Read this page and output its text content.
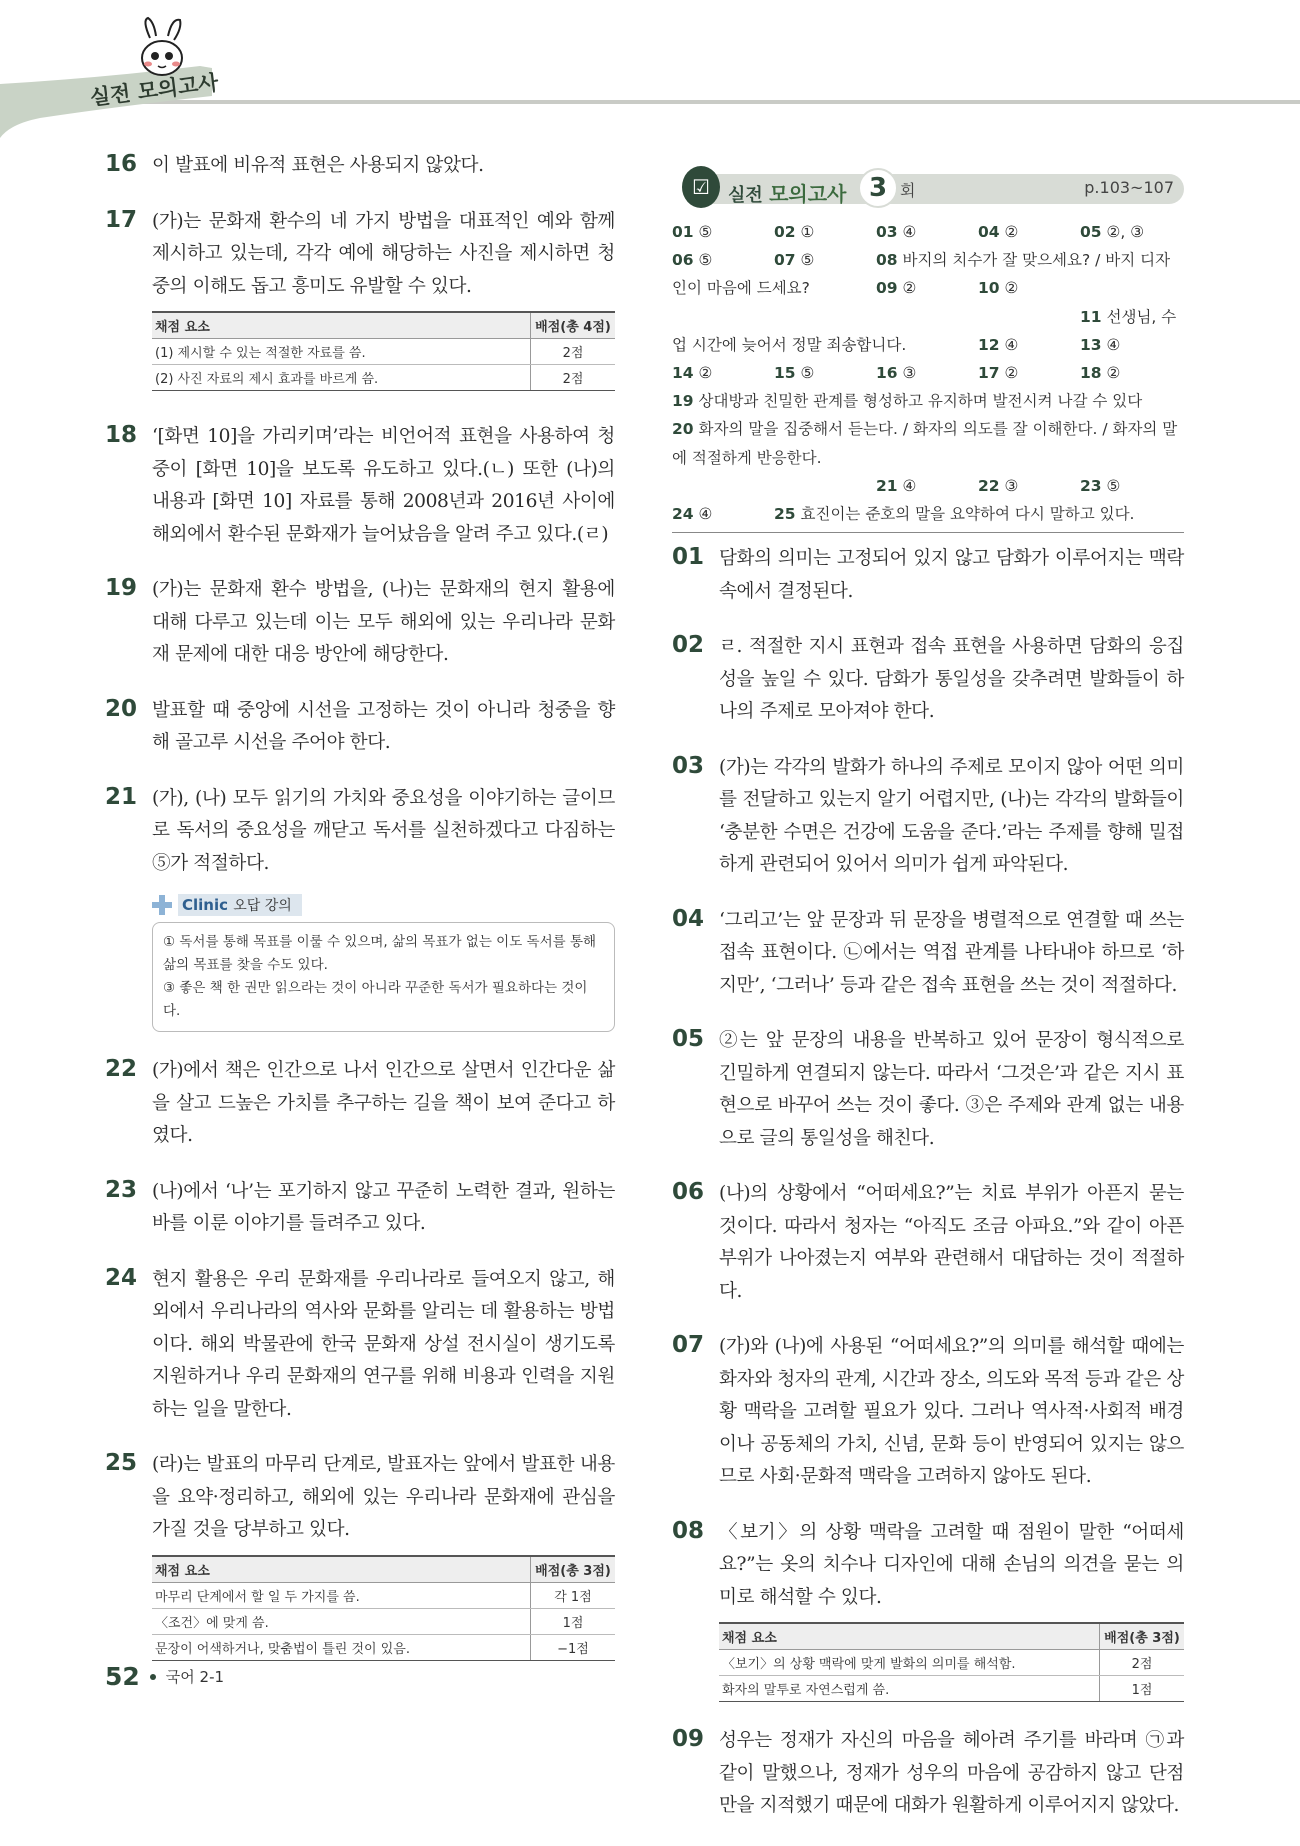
실전 모의고사
16 이 발표에 비유적 표현은 사용되지 않았다.
17 (가)는 문화재 환수의 네 가지 방법을 대표적인 예와 함께 제시하고 있는데, 각각 예에 해당하는 사진을 제시하면 청중의 이해도 돕고 흥미도 유발할 수 있다.
채점 요소	배점(총 4점)
(1) 제시할 수 있는 적절한 자료를 씀.	2점
(2) 사진 자료의 제시 효과를 바르게 씀.	2점
18 ‘[화면 10]을 가리키며’라는 비언어적 표현을 사용하여 청중이 [화면 10]을 보도록 유도하고 있다.(ㄴ) 또한 (나)의 내용과 [화면 10] 자료를 통해 2008년과 2016년 사이에 해외에서 환수된 문화재가 늘어났음을 알려 주고 있다.(ㄹ)
19 (가)는 문화재 환수 방법을, (나)는 문화재의 현지 활용에 대해 다루고 있는데 이는 모두 해외에 있는 우리나라 문화재 문제에 대한 대응 방안에 해당한다.
20 발표할 때 중앙에 시선을 고정하는 것이 아니라 청중을 향해 골고루 시선을 주어야 한다.
21 (가), (나) 모두 읽기의 가치와 중요성을 이야기하는 글이므로 독서의 중요성을 깨닫고 독서를 실천하겠다고 다짐하는 ⑤가 적절하다.
Clinic 오답 강의
① 독서를 통해 목표를 이룰 수 있으며, 삶의 목표가 없는 이도 독서를 통해 삶의 목표를 찾을 수도 있다.
③ 좋은 책 한 권만 읽으라는 것이 아니라 꾸준한 독서가 필요하다는 것이다.
22 (가)에서 책은 인간으로 나서 인간으로 살면서 인간다운 삶을 살고 드높은 가치를 추구하는 길을 책이 보여 준다고 하였다.
23 (나)에서 ‘나’는 포기하지 않고 꾸준히 노력한 결과, 원하는 바를 이룬 이야기를 들려주고 있다.
24 현지 활용은 우리 문화재를 우리나라로 들여오지 않고, 해외에서 우리나라의 역사와 문화를 알리는 데 활용하는 방법이다. 해외 박물관에 한국 문화재 상설 전시실이 생기도록 지원하거나 우리 문화재의 연구를 위해 비용과 인력을 지원하는 일을 말한다.
25 (라)는 발표의 마무리 단계로, 발표자는 앞에서 발표한 내용을 요약·정리하고, 해외에 있는 우리나라 문화재에 관심을 가질 것을 당부하고 있다.
채점 요소	배점(총 3점)
마무리 단계에서 할 일 두 가지를 씀.	각 1점
〈조건〉에 맞게 씀.	1점
문장이 어색하거나, 맞춤법이 틀린 것이 있음.	−1점
☑	실전 모의고사 3 회	p.103~107
01 ⑤	02 ①	03 ④	04 ②	05 ②, ③
06 ⑤	07 ⑤	08 바지의 치수가 잘 맞으세요? / 바지 디자인이 마음에 드세요?	09 ②	10 ②
11 선생님, 수업 시간에 늦어서 정말 죄송합니다.	12 ④	13 ④
14 ②	15 ⑤	16 ③	17 ②	18 ②
19 상대방과 친밀한 관계를 형성하고 유지하며 발전시켜 나갈 수 있다
20 화자의 말을 집중해서 듣는다. / 화자의 의도를 잘 이해한다. / 화자의 말에 적절하게 반응한다.
21 ④	22 ③	23 ⑤
24 ④	25 효진이는 준호의 말을 요약하여 다시 말하고 있다.
01 담화의 의미는 고정되어 있지 않고 담화가 이루어지는 맥락 속에서 결정된다.
02 ㄹ. 적절한 지시 표현과 접속 표현을 사용하면 담화의 응집성을 높일 수 있다. 담화가 통일성을 갖추려면 발화들이 하나의 주제로 모아져야 한다.
03 (가)는 각각의 발화가 하나의 주제로 모이지 않아 어떤 의미를 전달하고 있는지 알기 어렵지만, (나)는 각각의 발화들이 ‘충분한 수면은 건강에 도움을 준다.’라는 주제를 향해 밀접하게 관련되어 있어서 의미가 쉽게 파악된다.
04 ‘그리고’는 앞 문장과 뒤 문장을 병렬적으로 연결할 때 쓰는 접속 표현이다. ㉡에서는 역접 관계를 나타내야 하므로 ‘하지만’, ‘그러나’ 등과 같은 접속 표현을 쓰는 것이 적절하다.
05 ②는 앞 문장의 내용을 반복하고 있어 문장이 형식적으로 긴밀하게 연결되지 않는다. 따라서 ‘그것은’과 같은 지시 표현으로 바꾸어 쓰는 것이 좋다. ③은 주제와 관계 없는 내용으로 글의 통일성을 해친다.
06 (나)의 상황에서 “어떠세요?”는 치료 부위가 아픈지 묻는 것이다. 따라서 청자는 “아직도 조금 아파요.”와 같이 아픈 부위가 나아졌는지 여부와 관련해서 대답하는 것이 적절하다.
07 (가)와 (나)에 사용된 “어떠세요?”의 의미를 해석할 때에는 화자와 청자의 관계, 시간과 장소, 의도와 목적 등과 같은 상황 맥락을 고려할 필요가 있다. 그러나 역사적·사회적 배경이나 공동체의 가치, 신념, 문화 등이 반영되어 있지는 않으므로 사회·문화적 맥락을 고려하지 않아도 된다.
08 〈보기〉의 상황 맥락을 고려할 때 점원이 말한 “어떠세요?”는 옷의 치수나 디자인에 대해 손님의 의견을 묻는 의미로 해석할 수 있다.
채점 요소	배점(총 3점)
〈보기〉의 상황 맥락에 맞게 발화의 의미를 해석함.	2점
화자의 말투로 자연스럽게 씀.	1점
09 성우는 정재가 자신의 마음을 헤아려 주기를 바라며 ㉠과 같이 말했으나, 정재가 성우의 마음에 공감하지 않고 단점만을 지적했기 때문에 대화가 원활하게 이루어지지 않았다.
52 국어 2-1
